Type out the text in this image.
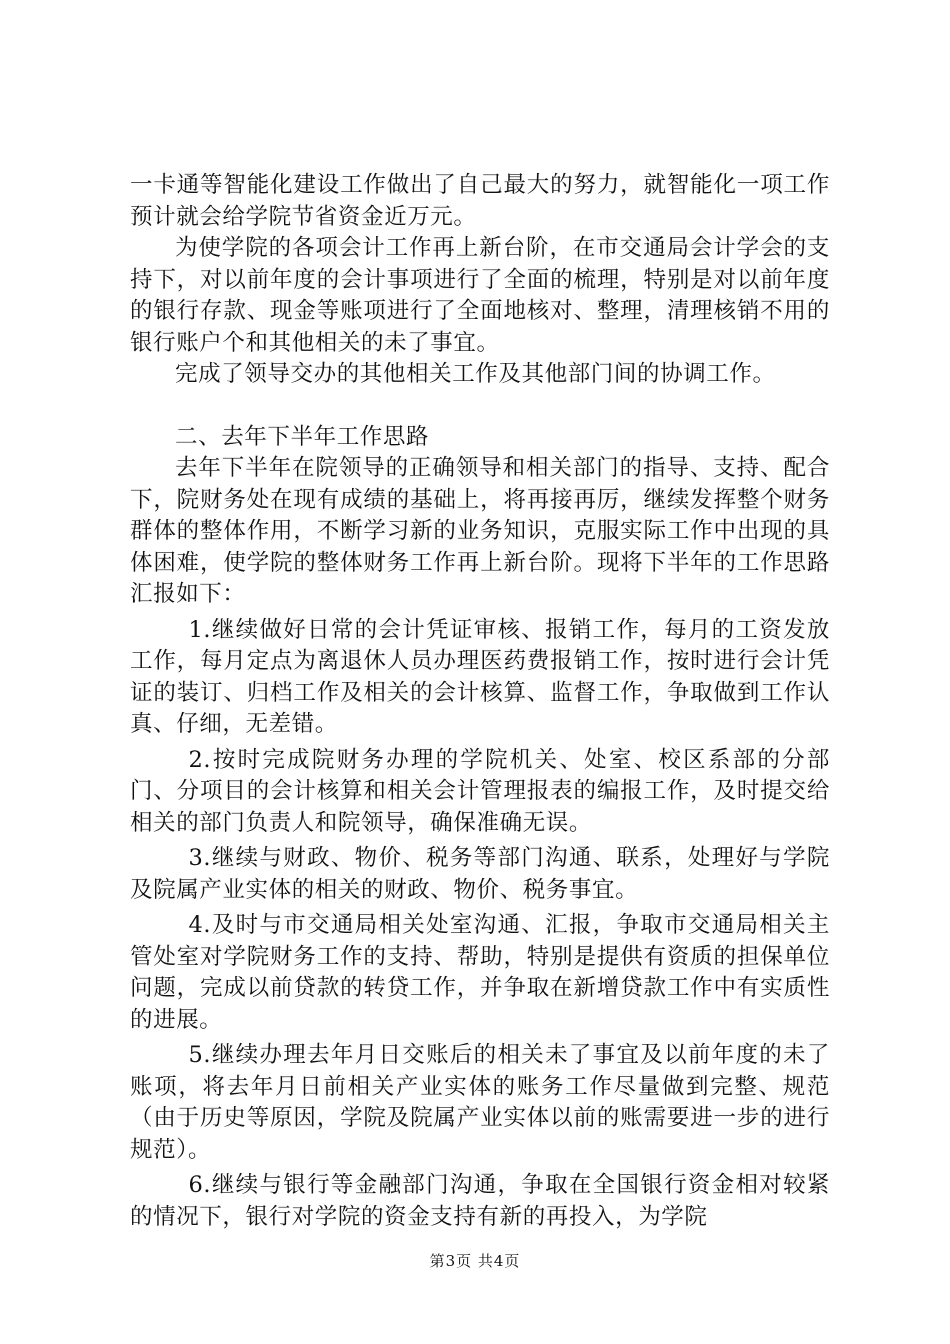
一卡通等智能化建设工作做出了自己最大的努力，就智能化一项工作预计就会给学院节省资金近万元。

为使学院的各项会计工作再上新台阶，在市交通局会计学会的支持下，对以前年度的会计事项进行了全面的梳理，特别是对以前年度的银行存款、现金等账项进行了全面地核对、整理，清理核销不用的银行账户个和其他相关的未了事宜。

完成了领导交办的其他相关工作及其他部门间的协调工作。

二、去年下半年工作思路

去年下半年在院领导的正确领导和相关部门的指导、支持、配合下，院财务处在现有成绩的基础上，将再接再厉，继续发挥整个财务群体的整体作用，不断学习新的业务知识，克服实际工作中出现的具体困难，使学院的整体财务工作再上新台阶。现将下半年的工作思路汇报如下：

1.继续做好日常的会计凭证审核、报销工作，每月的工资发放工作，每月定点为离退休人员办理医药费报销工作，按时进行会计凭证的装订、归档工作及相关的会计核算、监督工作，争取做到工作认真、仔细，无差错。

2.按时完成院财务办理的学院机关、处室、校区系部的分部门、分项目的会计核算和相关会计管理报表的编报工作，及时提交给相关的部门负责人和院领导，确保准确无误。

3.继续与财政、物价、税务等部门沟通、联系，处理好与学院及院属产业实体的相关的财政、物价、税务事宜。

4.及时与市交通局相关处室沟通、汇报，争取市交通局相关主管处室对学院财务工作的支持、帮助，特别是提供有资质的担保单位问题，完成以前贷款的转贷工作，并争取在新增贷款工作中有实质性的进展。

5.继续办理去年月日交账后的相关未了事宜及以前年度的未了账项，将去年月日前相关产业实体的账务工作尽量做到完整、规范（由于历史等原因，学院及院属产业实体以前的账需要进一步的进行规范）。

6.继续与银行等金融部门沟通，争取在全国银行资金相对较紧的情况下，银行对学院的资金支持有新的再投入，为学院

第3页 共4页
